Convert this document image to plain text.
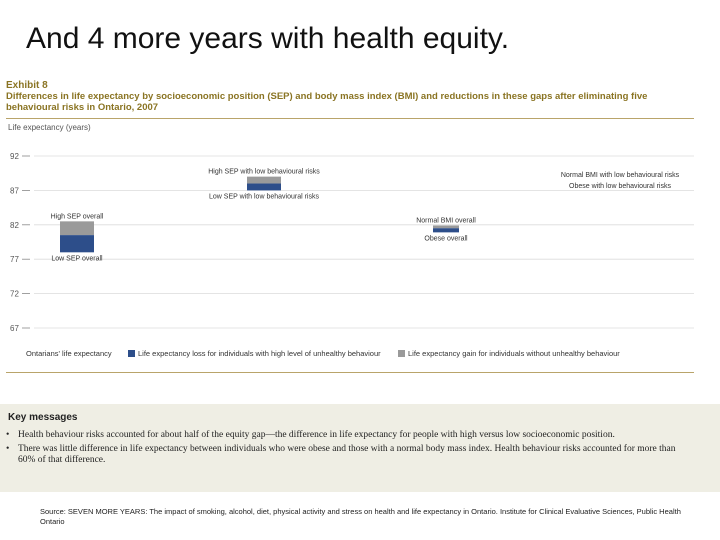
And 4 more years with health equity.
Exhibit 8
Differences in life expectancy by socioeconomic position (SEP) and body mass index (BMI) and reductions in these gaps after eliminating five behavioural risks in Ontario, 2007
Life expectancy (years)
92
87
82
77
72
67
High SEP overall
Low SEP overall
High SEP with low behavioural risks
Low SEP with low behavioural risks
Normal BMI overall
Obese overall
Normal BMI with low behavioural risks
Obese with low behavioural risks
Ontarians' life expectancy	Life expectancy loss for individuals with high level of unhealthy behaviour	Life expectancy gain for individuals without unhealthy behaviour
Key messages
• Health behaviour risks accounted for about half of the equity gap—the difference in life expectancy for people with high versus low socioeconomic position.
• There was little difference in life expectancy between individuals who were obese and those with a normal body mass index. Health behaviour risks accounted for more than 60% of that difference.
Source: SEVEN MORE YEARS: The impact of smoking, alcohol, diet, physical activity and stress on health and life expectancy in Ontario. Institute for Clinical Evaluative Sciences, Public Health Ontario
